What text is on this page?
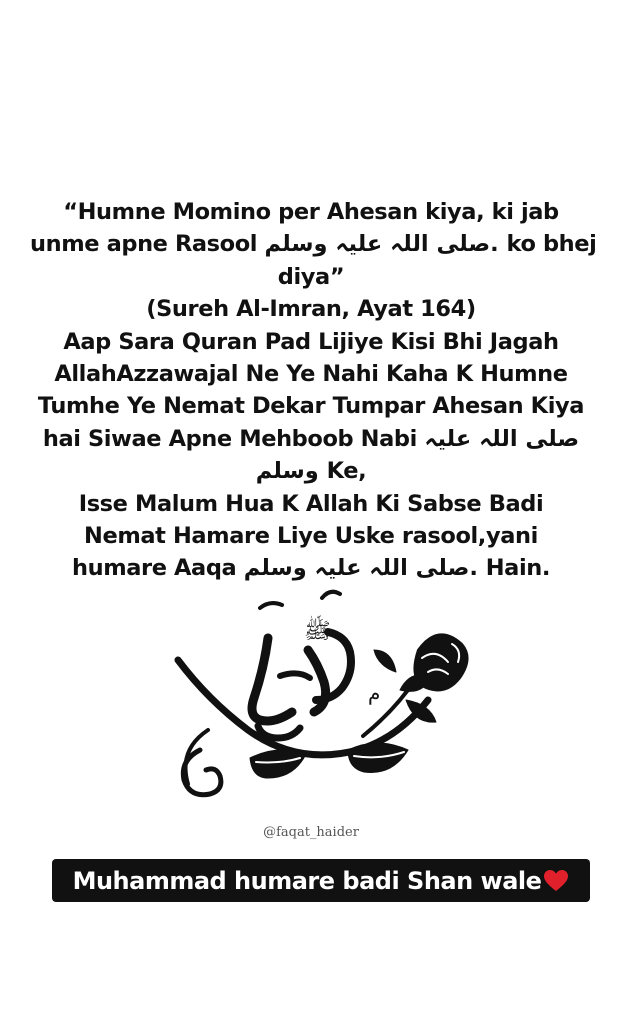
“Humne Momino per Ahesan kiya, ki jab
unme apne Rasool صلی اللہ علیہ وسلم. ko bhej
diya”
(Sureh Al-Imran, Ayat 164)
Aap Sara Quran Pad Lijiye Kisi Bhi Jagah
AllahAzzawajal Ne Ye Nahi Kaha K Humne
Tumhe Ye Nemat Dekar Tumpar Ahesan Kiya
hai Siwae Apne Mehboob Nabi صلی اللہ علیہ
وسلم Ke,
Isse Malum Hua K Allah Ki Sabse Badi
Nemat Hamare Liye Uske rasool,yani
humare Aaqa صلی اللہ علیہ وسلم. Hain.
ﷺ
م
@faqat_haider
Muhammad humare badi Shan wale
